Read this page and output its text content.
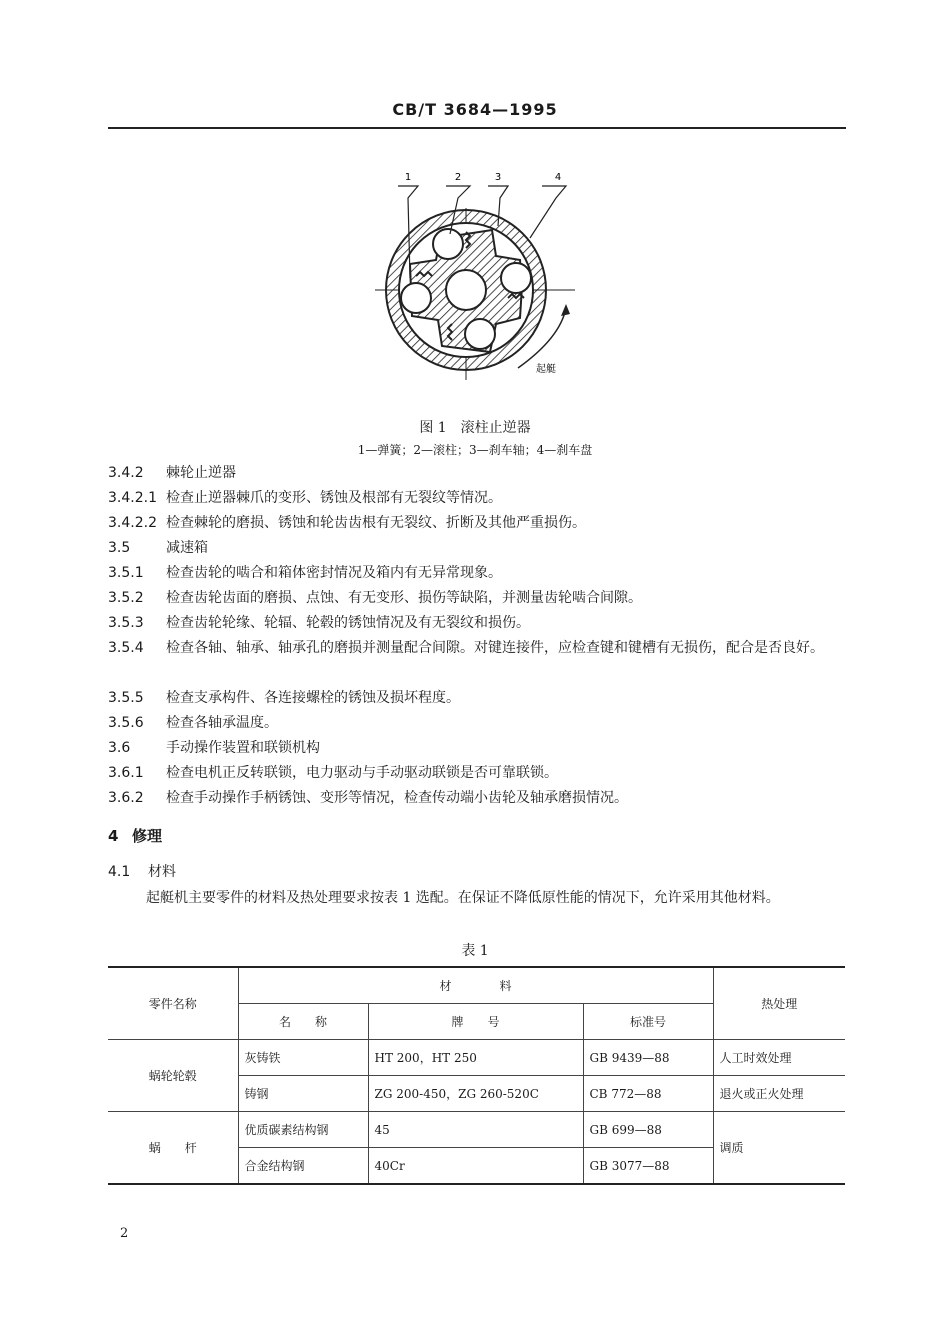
CB/T 3684—1995
1	2	3	4
起艇
图 1　滚柱止逆器
1—弹簧；2—滚柱；3—刹车轴；4—刹车盘
3.4.2 棘轮止逆器
3.4.2.1 检查止逆器棘爪的变形、锈蚀及根部有无裂纹等情况。
3.4.2.2 检查棘轮的磨损、锈蚀和轮齿齿根有无裂纹、折断及其他严重损伤。
3.5	减速箱
3.5.1 检查齿轮的啮合和箱体密封情况及箱内有无异常现象。
3.5.2 检查齿轮齿面的磨损、点蚀、有无变形、损伤等缺陷，并测量齿轮啮合间隙。
3.5.3 检查齿轮轮缘、轮辐、轮毂的锈蚀情况及有无裂纹和损伤。
3.5.4 检查各轴、轴承、轴承孔的磨损并测量配合间隙。对键连接件，应检查键和键槽有无损伤，配合是否良好。
3.5.5 检查支承构件、各连接螺栓的锈蚀及损坏程度。
3.5.6 检查各轴承温度。
3.6	手动操作装置和联锁机构
3.6.1 检查电机正反转联锁，电力驱动与手动驱动联锁是否可靠联锁。
3.6.2 检查手动操作手柄锈蚀、变形等情况，检查传动端小齿轮及轴承磨损情况。
4 修理
4.1 材料
起艇机主要零件的材料及热处理要求按表 1 选配。在保证不降低原性能的情况下，允许采用其他材料。
表 1
零件名称	材　　　　料			热处理
	名　　称	牌　　号	标准号	
蜗轮轮毂	灰铸铁	HT 200，HT 250	GB 9439—88	人工时效处理
	铸钢	ZG 200-450，ZG 260-520C	CB 772—88	退火或正火处理
蜗　　杆	优质碳素结构钢	45	GB 699—88	调质
	合金结构钢	40Cr	GB 3077—88	
2
